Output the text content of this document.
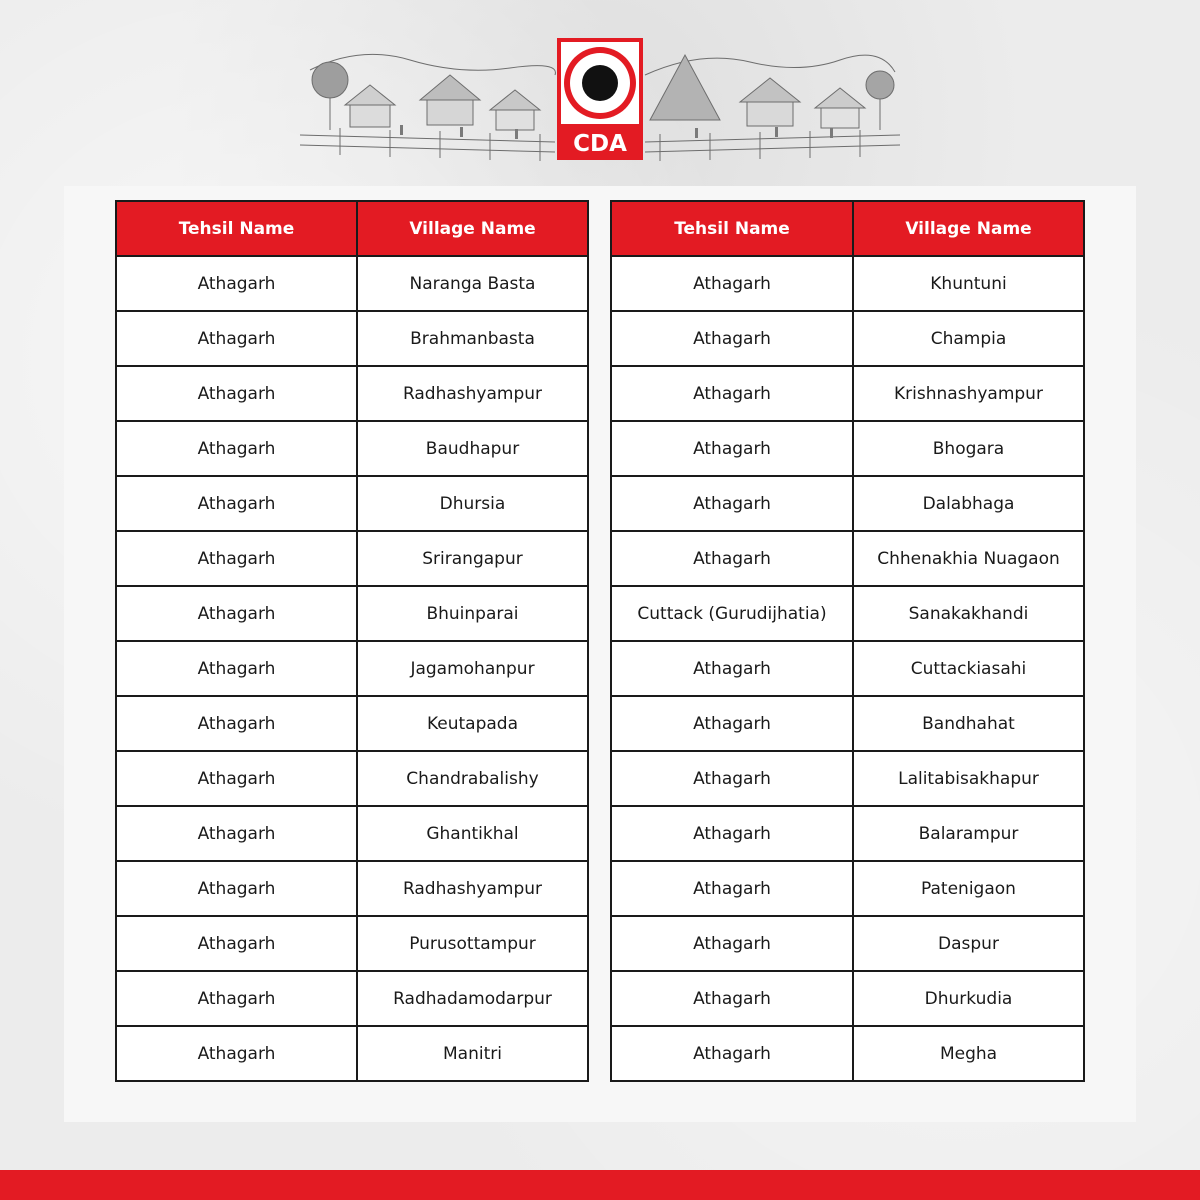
CDA
Tehsil Name	Village Name
Athagarh	Naranga Basta
Athagarh	Brahmanbasta
Athagarh	Radhashyampur
Athagarh	Baudhapur
Athagarh	Dhursia
Athagarh	Srirangapur
Athagarh	Bhuinparai
Athagarh	Jagamohanpur
Athagarh	Keutapada
Athagarh	Chandrabalishy
Athagarh	Ghantikhal
Athagarh	Radhashyampur
Athagarh	Purusottampur
Athagarh	Radhadamodarpur
Athagarh	Manitri
Tehsil Name	Village Name
Athagarh	Khuntuni
Athagarh	Champia
Athagarh	Krishnashyampur
Athagarh	Bhogara
Athagarh	Dalabhaga
Athagarh	Chhenakhia Nuagaon
Cuttack (Gurudijhatia)	Sanakakhandi
Athagarh	Cuttackiasahi
Athagarh	Bandhahat
Athagarh	Lalitabisakhapur
Athagarh	Balarampur
Athagarh	Patenigaon
Athagarh	Daspur
Athagarh	Dhurkudia
Athagarh	Megha
